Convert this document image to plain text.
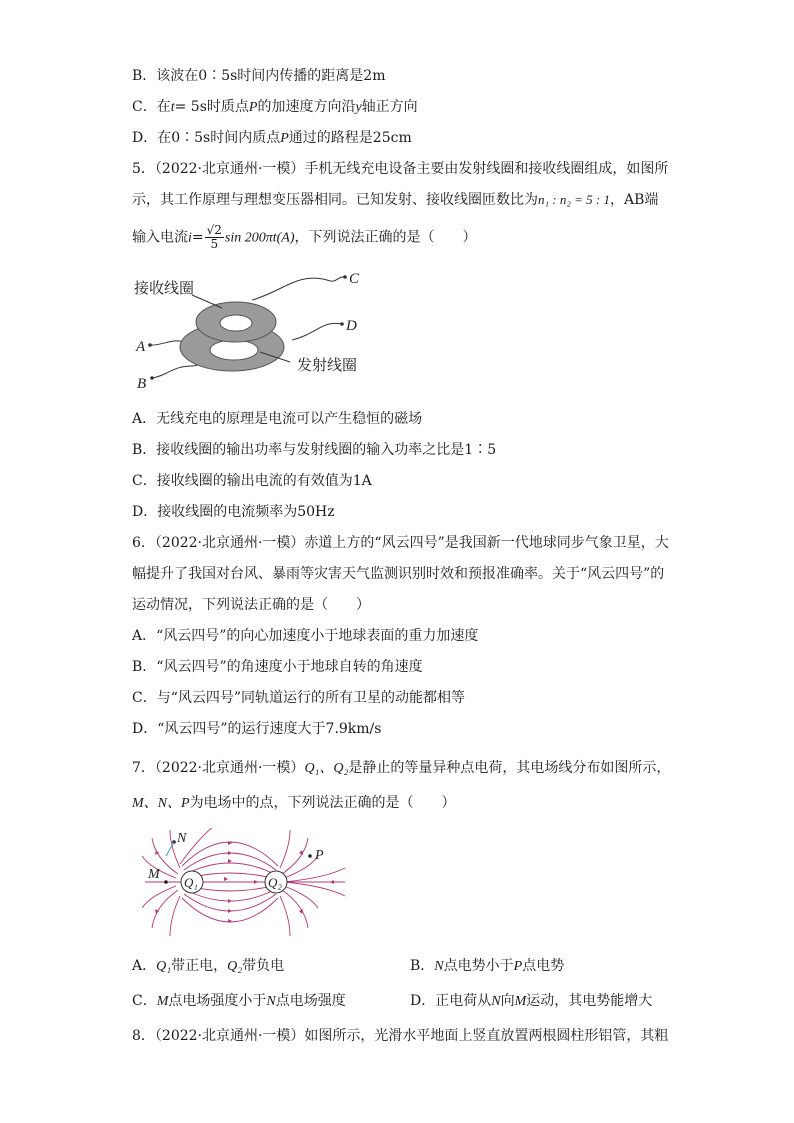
B．该波在0∶5s时间内传播的距离是2m
C．在t= 5s时质点P的加速度方向沿y轴正方向
D．在0∶5s时间内质点P通过的路程是25cm
5．（2022·北京通州·一模）手机无线充电设备主要由发射线圈和接收线圈组成，如图所
示，其工作原理与理想变压器相同。已知发射、接收线圈匝数比为n₁ : n₂ = 5 : 1，AB端
输入电流$i= \frac{√2}{5}$ sin 200πt(A)，下列说法正确的是（　　）
接收线圈
发射线圈
A
B
C
D
A．无线充电的原理是电流可以产生稳恒的磁场
B．接收线圈的输出功率与发射线圈的输入功率之比是1∶5
C．接收线圈的输出电流的有效值为1A
D．接收线圈的电流频率为50Hz
6．（2022·北京通州·一模）赤道上方的“风云四号”是我国新一代地球同步气象卫星，大
幅提升了我国对台风、暴雨等灾害天气监测识别时效和预报准确率。关于“风云四号”的
运动情况，下列说法正确的是（　　）
A．“风云四号”的向心加速度小于地球表面的重力加速度
B．“风云四号”的角速度小于地球自转的角速度
C．与“风云四号”同轨道运行的所有卫星的动能都相等
D．“风云四号”的运行速度大于7.9km/s
7．（2022·北京通州·一模）Q₁、Q₂是静止的等量异种点电荷，其电场线分布如图所示，
M、N、P为电场中的点，下列说法正确的是（　　）
Q₁	Q₂
M
N
P
A．Q₁带正电，Q₂带负电	B．N点电势小于P点电势
C．M点电场强度小于N点电场强度	D．正电荷从N向M运动，其电势能增大
8．（2022·北京通州·一模）如图所示，光滑水平地面上竖直放置两根圆柱形铝管，其粗
